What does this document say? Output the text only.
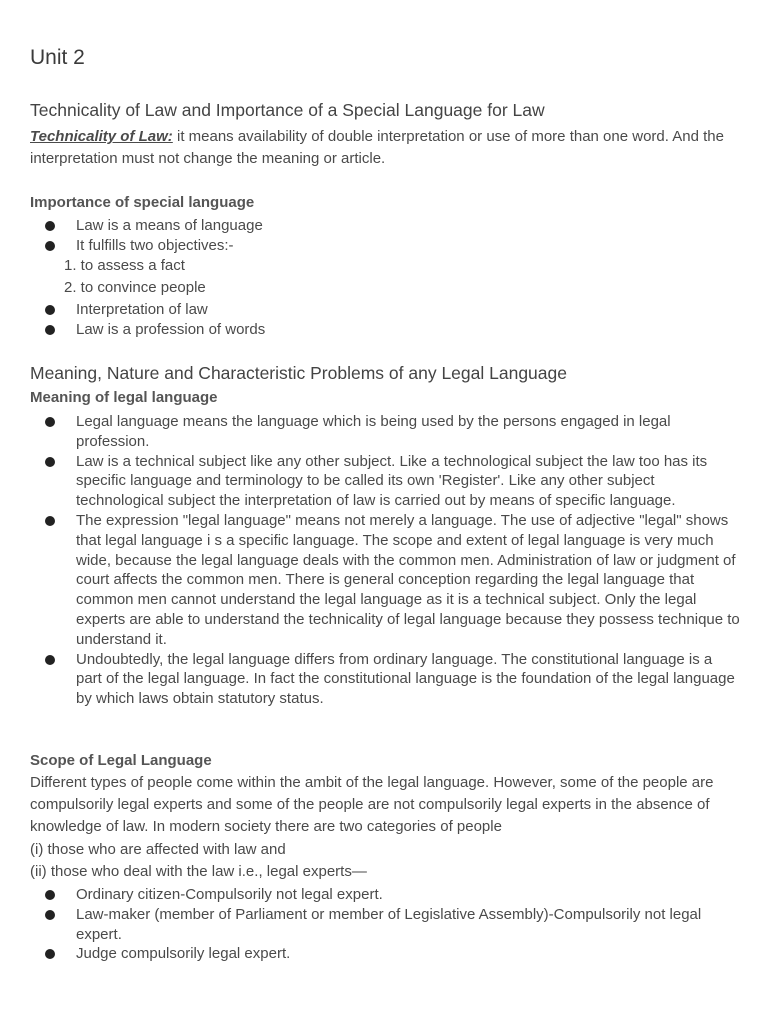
Unit 2
Technicality of Law and Importance of a Special Language for Law

Technicality of Law: it means availability of double interpretation or use of more than one word. And the interpretation must not change the meaning or article.

Importance of special language
Law is a means of language
It fulfills two objectives:-

1. to assess a fact

2. to convince people

Interpretation of law
Law is a profession of words
Meaning, Nature and Characteristic Problems of any Legal Language
Meaning of legal language
Legal language means the language which is being used by the persons engaged in legal profession.
Law is a technical subject like any other subject. Like a technological subject the law too has its specific language and terminology to be called its own 'Register'. Like any other subject technological subject the interpretation of law is carried out by means of specific language.
The expression "legal language" means not merely a language. The use of adjective "legal" shows that legal language i s a specific language. The scope and extent of legal language is very much wide, because the legal language deals with the common men. Administration of law or judgment of court affects the common men. There is general conception regarding the legal language that common men cannot understand the legal language as it is a technical subject. Only the legal experts are able to understand the technicality of legal language because they possess technique to understand it.
Undoubtedly, the legal language differs from ordinary language. The constitutional language is a part of the legal language. In fact the constitutional language is the foundation of the legal language by which laws obtain statutory status.
Scope of Legal Language

Different types of people come within the ambit of the legal language. However, some of the people are compulsorily legal experts and some of the people are not compulsorily legal experts in the absence of knowledge of law. In modern society there are two categories of people

(i) those who are affected with law and

(ii) those who deal with the law i.e., legal experts—

Ordinary citizen-Compulsorily not legal expert.
Law-maker (member of Parliament or member of Legislative Assembly)-Compulsorily not legal expert.
Judge compulsorily legal expert.
